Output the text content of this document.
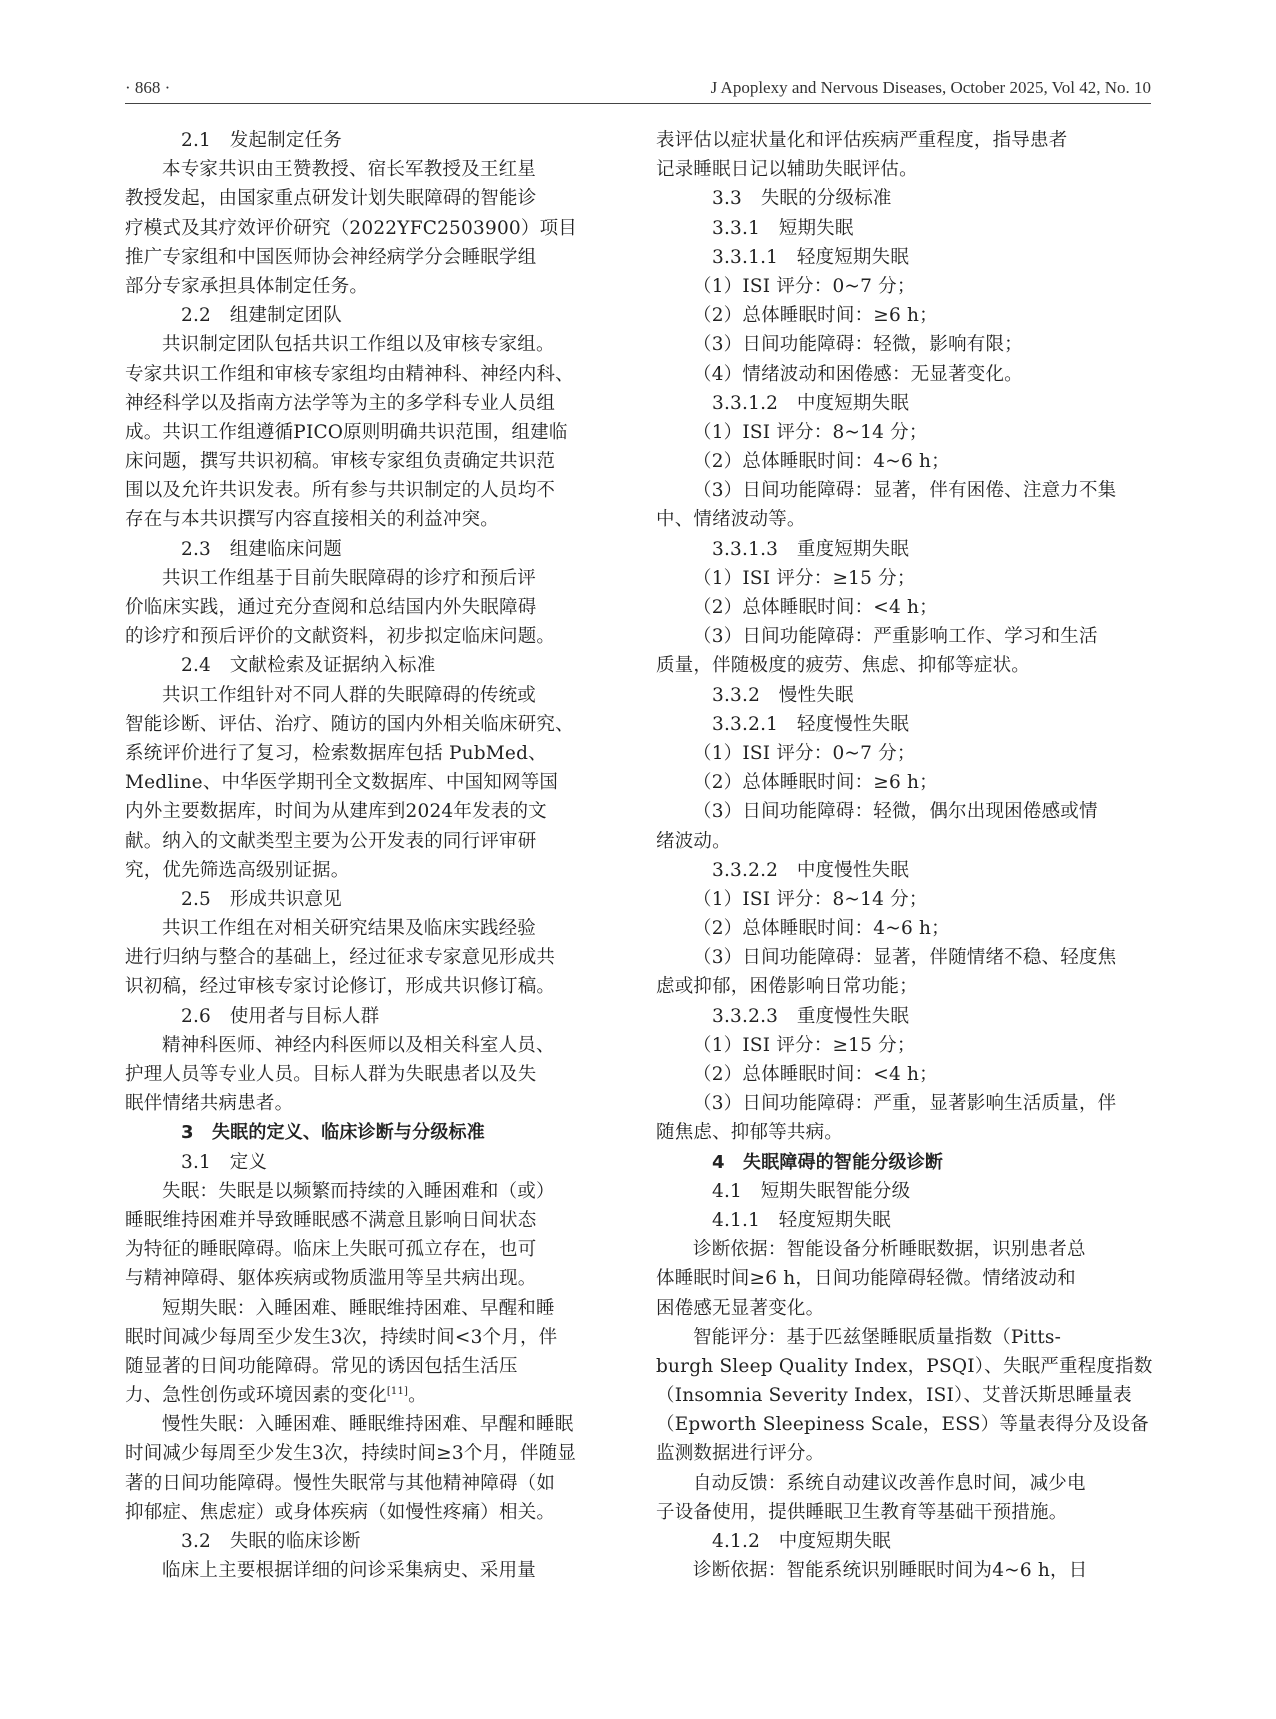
· 868 ·	J Apoplexy and Nervous Diseases, October 2025, Vol 42, No. 10
2.1　发起制定任务
本专家共识由王赞教授、宿长军教授及王红星
教授发起，由国家重点研发计划失眠障碍的智能诊
疗模式及其疗效评价研究（2022YFC2503900）项目
推广专家组和中国医师协会神经病学分会睡眠学组
部分专家承担具体制定任务。
2.2　组建制定团队
共识制定团队包括共识工作组以及审核专家组。
专家共识工作组和审核专家组均由精神科、神经内科、
神经科学以及指南方法学等为主的多学科专业人员组
成。共识工作组遵循PICO原则明确共识范围，组建临
床问题，撰写共识初稿。审核专家组负责确定共识范
围以及允许共识发表。所有参与共识制定的人员均不
存在与本共识撰写内容直接相关的利益冲突。
2.3　组建临床问题
共识工作组基于目前失眠障碍的诊疗和预后评
价临床实践，通过充分查阅和总结国内外失眠障碍
的诊疗和预后评价的文献资料，初步拟定临床问题。
2.4　文献检索及证据纳入标准
共识工作组针对不同人群的失眠障碍的传统或
智能诊断、评估、治疗、随访的国内外相关临床研究、
系统评价进行了复习，检索数据库包括 PubMed、
Medline、中华医学期刊全文数据库、中国知网等国
内外主要数据库，时间为从建库到2024年发表的文
献。纳入的文献类型主要为公开发表的同行评审研
究，优先筛选高级别证据。
2.5　形成共识意见
共识工作组在对相关研究结果及临床实践经验
进行归纳与整合的基础上，经过征求专家意见形成共
识初稿，经过审核专家讨论修订，形成共识修订稿。
2.6　使用者与目标人群
精神科医师、神经内科医师以及相关科室人员、
护理人员等专业人员。目标人群为失眠患者以及失
眠伴情绪共病患者。
3　失眠的定义、临床诊断与分级标准
3.1　定义
失眠：失眠是以频繁而持续的入睡困难和（或）
睡眠维持困难并导致睡眠感不满意且影响日间状态
为特征的睡眠障碍。临床上失眠可孤立存在，也可
与精神障碍、躯体疾病或物质滥用等呈共病出现。
短期失眠：入睡困难、睡眠维持困难、早醒和睡
眠时间减少每周至少发生3次，持续时间<3个月，伴
随显著的日间功能障碍。常见的诱因包括生活压
力、急性创伤或环境因素的变化[11]。
慢性失眠：入睡困难、睡眠维持困难、早醒和睡眠
时间减少每周至少发生3次，持续时间≥3个月，伴随显
著的日间功能障碍。慢性失眠常与其他精神障碍（如
抑郁症、焦虑症）或身体疾病（如慢性疼痛）相关。
3.2　失眠的临床诊断
临床上主要根据详细的问诊采集病史、采用量
表评估以症状量化和评估疾病严重程度，指导患者
记录睡眠日记以辅助失眠评估。
3.3　失眠的分级标准
3.3.1　短期失眠
3.3.1.1　轻度短期失眠
（1）ISI 评分：0~7 分；
（2）总体睡眠时间：≥6 h；
（3）日间功能障碍：轻微，影响有限；
（4）情绪波动和困倦感：无显著变化。
3.3.1.2　中度短期失眠
（1）ISI 评分：8~14 分；
（2）总体睡眠时间：4~6 h；
（3）日间功能障碍：显著，伴有困倦、注意力不集
中、情绪波动等。
3.3.1.3　重度短期失眠
（1）ISI 评分：≥15 分；
（2）总体睡眠时间：<4 h；
（3）日间功能障碍：严重影响工作、学习和生活
质量，伴随极度的疲劳、焦虑、抑郁等症状。
3.3.2　慢性失眠
3.3.2.1　轻度慢性失眠
（1）ISI 评分：0~7 分；
（2）总体睡眠时间：≥6 h；
（3）日间功能障碍：轻微，偶尔出现困倦感或情
绪波动。
3.3.2.2　中度慢性失眠
（1）ISI 评分：8~14 分；
（2）总体睡眠时间：4~6 h；
（3）日间功能障碍：显著，伴随情绪不稳、轻度焦
虑或抑郁，困倦影响日常功能；
3.3.2.3　重度慢性失眠
（1）ISI 评分：≥15 分；
（2）总体睡眠时间：<4 h；
（3）日间功能障碍：严重，显著影响生活质量，伴
随焦虑、抑郁等共病。
4　失眠障碍的智能分级诊断
4.1　短期失眠智能分级
4.1.1　轻度短期失眠
诊断依据：智能设备分析睡眠数据，识别患者总
体睡眠时间≥6 h，日间功能障碍轻微。情绪波动和
困倦感无显著变化。
智能评分：基于匹兹堡睡眠质量指数（Pitts-
burgh Sleep Quality Index，PSQI）、失眠严重程度指数
（Insomnia Severity Index，ISI）、艾普沃斯思睡量表
（Epworth Sleepiness Scale，ESS）等量表得分及设备
监测数据进行评分。
自动反馈：系统自动建议改善作息时间，减少电
子设备使用，提供睡眠卫生教育等基础干预措施。
4.1.2　中度短期失眠
诊断依据：智能系统识别睡眠时间为4~6 h，日
